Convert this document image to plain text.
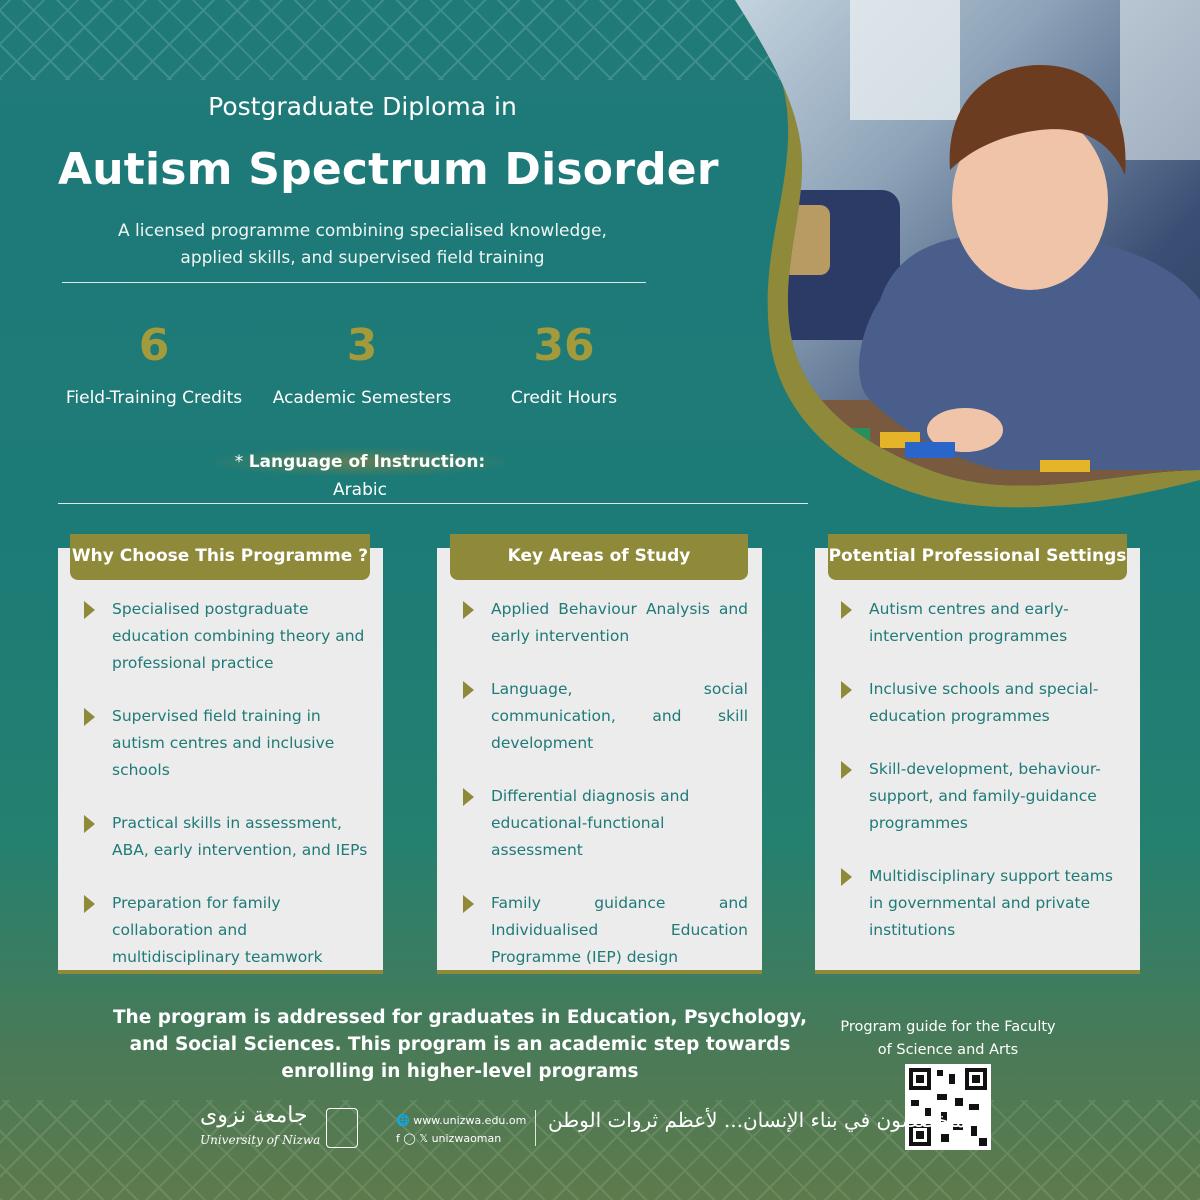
Postgraduate Diploma in
Autism Spectrum Disorder
A licensed programme combining specialised knowledge,
applied skills, and supervised field training
6
Field-Training Credits
3
Academic Semesters
36
Credit Hours
* Language of Instruction: Arabic
Specialised postgraduate education combining theory and professional practice
Supervised field training in autism centres and inclusive schools
Practical skills in assessment, ABA, early intervention, and IEPs
Preparation for family collaboration and multidisciplinary teamwork
Why Choose This Programme ?
Applied Behaviour Analysis and early intervention
Language, social communication, and skill development
Differential diagnosis and educational-functional assessment
Family guidance and Individualised Education Programme (IEP) design
Key Areas of Study
Autism centres and early-intervention programmes
Inclusive schools and special-education programmes
Skill-development, behaviour-support, and family-guidance programmes
Multidisciplinary support teams in governmental and private institutions
Potential Professional Settings
The program is addressed for graduates in Education, Psychology,
and Social Sciences. This program is an academic step towards
enrolling in higher-level programs
Program guide for the Faculty
of Science and Arts
جامعة نزوى
University of Nizwa
🌐 www.unizwa.edu.om
f ◯ 𝕏 unizwaoman
متخصصون في بناء الإنسان... لأعظم ثروات الوطن
